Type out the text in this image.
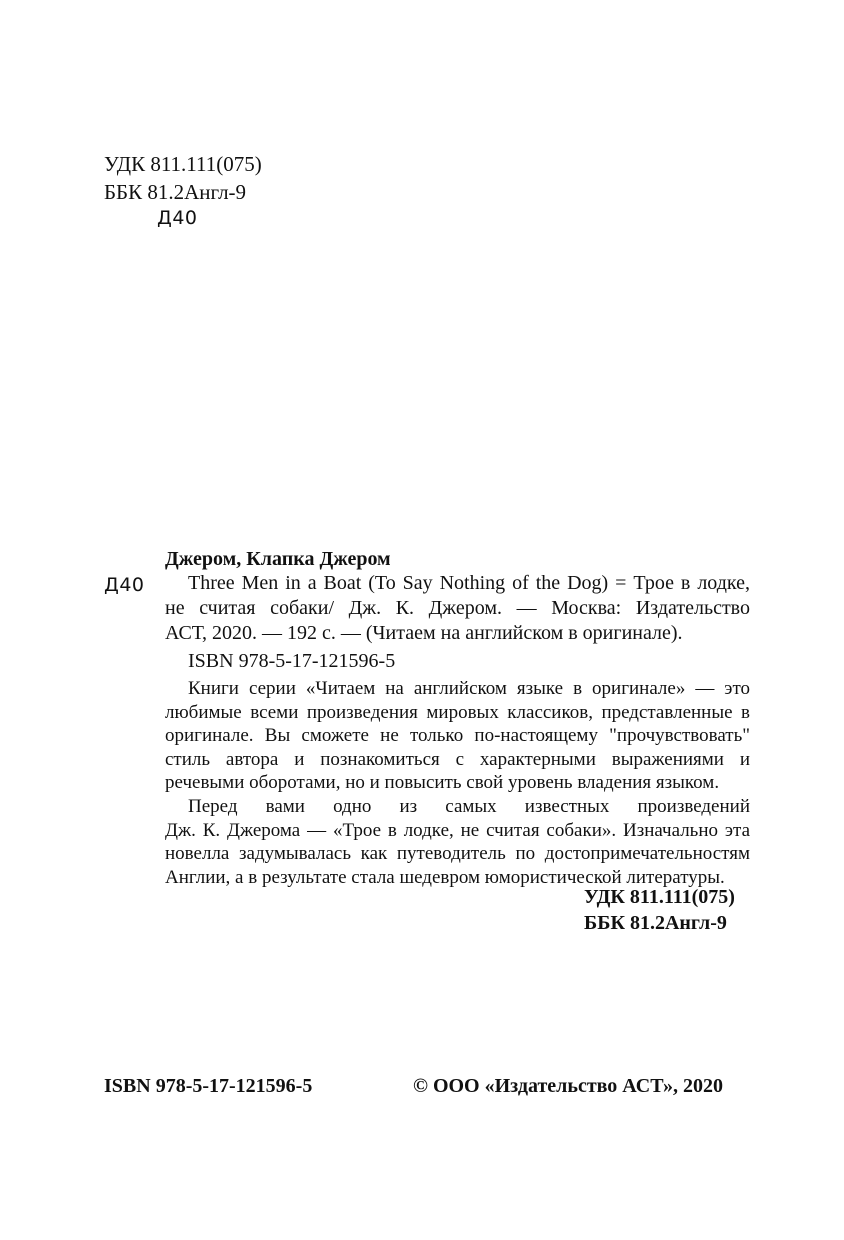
УДК 811.111(075)
ББК 81.2Англ-9
Д40
Джером, Клапка Джером
Д40	Three Men in a Boat (To Say Nothing of the Dog) = Трое в лодке,
не считая собаки/ Дж. К. Джером. — Москва: Издательство
АСТ, 2020. — 192 с. — (Читаем на английском в оригинале).
ISBN 978-5-17-121596-5
Книги серии «Читаем на английском языке в оригинале» — это
любимые всеми произведения мировых классиков, представленные в
оригинале. Вы сможете не только по-настоящему "прочувствовать"
стиль автора и познакомиться с характерными выражениями и
речевыми оборотами, но и повысить свой уровень владения языком.
Перед вами одно из самых известных произведений
Дж. К. Джерома — «Трое в лодке, не считая собаки». Изначально эта
новелла задумывалась как путеводитель по достопримечательностям
Англии, а в результате стала шедевром юмористической литературы.
УДК 811.111(075)
ББК 81.2Англ-9
ISBN 978-5-17-121596-5	© ООО «Издательство АСТ», 2020
